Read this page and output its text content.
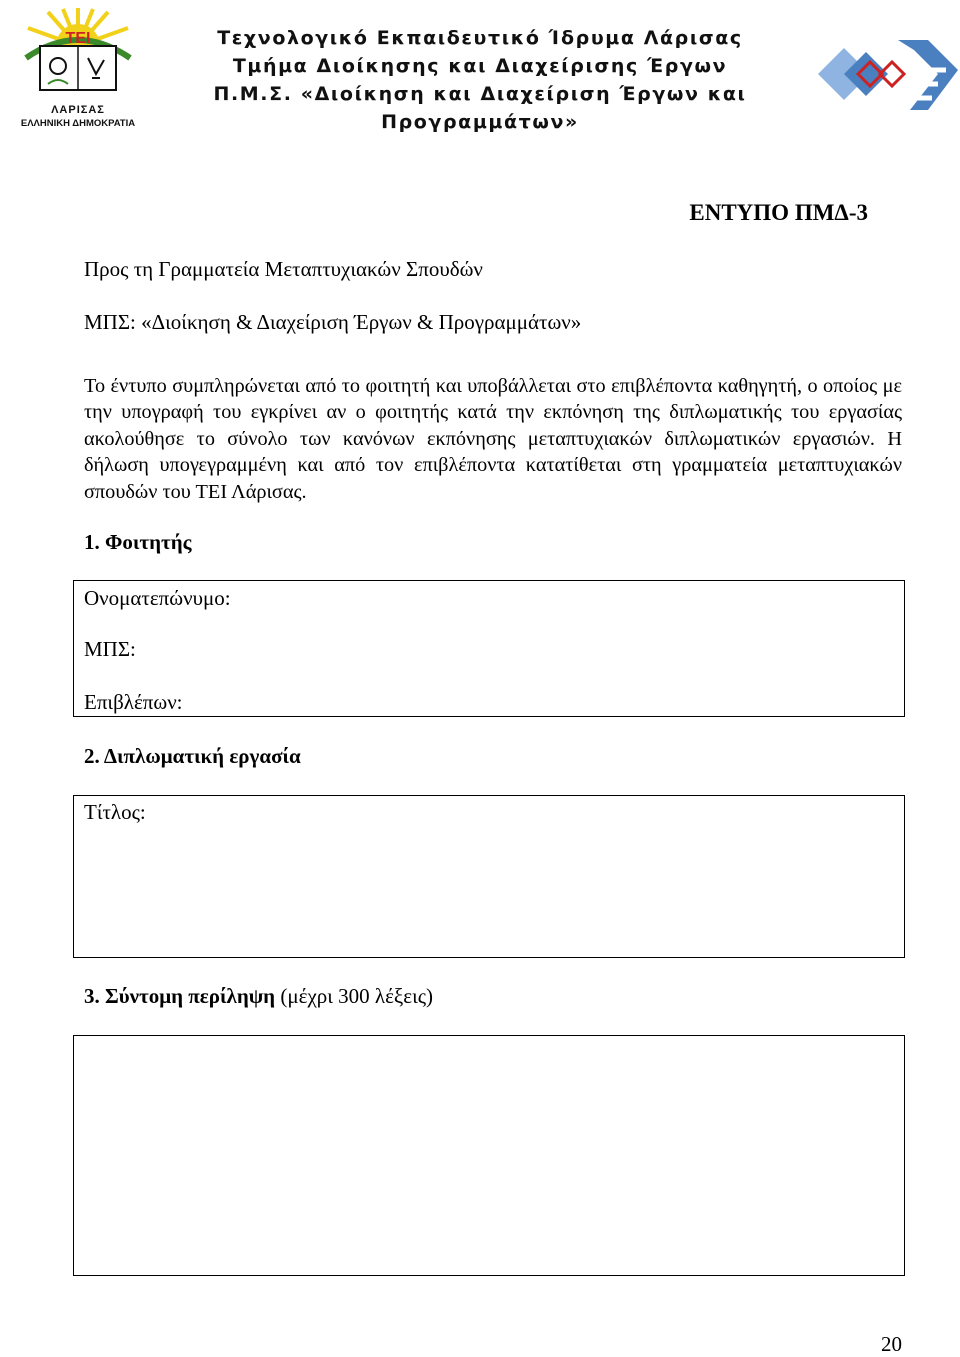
ΤΕΙ
ΛΑΡΙΣΑΣ
ΕΛΛΗΝΙΚΗ ΔΗΜΟΚΡΑΤΙΑ
Τεχνολογικό Εκπαιδευτικό Ίδρυμα Λάρισας
Τμήμα Διοίκησης και Διαχείρισης Έργων
Π.Μ.Σ. «Διοίκηση και Διαχείριση Έργων και
Προγραμμάτων»
ΕΝΤΥΠΟ ΠΜΔ-3
Προς τη Γραμματεία Μεταπτυχιακών Σπουδών
ΜΠΣ: «Διοίκηση & Διαχείριση Έργων & Προγραμμάτων»
Το έντυπο συμπληρώνεται από το φοιτητή και υποβάλλεται στο επιβλέποντα καθηγητή, ο οποίος με την υπογραφή του εγκρίνει αν ο φοιτητής κατά την εκπόνηση της διπλωματικής του εργασίας ακολούθησε το σύνολο των κανόνων εκπόνησης μεταπτυχιακών διπλωματικών εργασιών. Η δήλωση υπογεγραμμένη και από τον επιβλέποντα κατατίθεται στη γραμματεία μεταπτυχιακών σπουδών του ΤΕΙ Λάρισας.
1. Φοιτητής
Ονοματεπώνυμο:
ΜΠΣ:
Επιβλέπων:
2. Διπλωματική εργασία
Τίτλος:
3. Σύντομη περίληψη (μέχρι 300 λέξεις)
20
